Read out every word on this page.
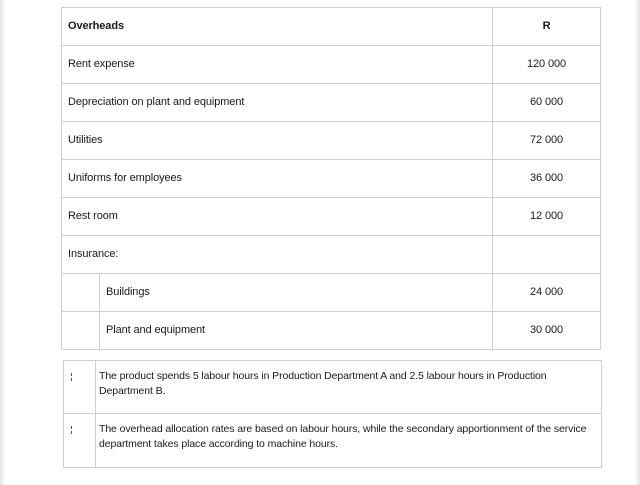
Overheads	R

Rent expense	120 000

Depreciation on plant and equipment	60 000

Utilities	72 000

Uniforms for employees	36 000

Rest room	12 000

Insurance:	

Buildings	24 000

Plant and equipment	30 000
The product spends 5 labour hours in Production Department A and 2.5 labour hours in Production Department B.
The overhead allocation rates are based on labour hours, while the secondary apportionment of the service department takes place according to machine hours.
